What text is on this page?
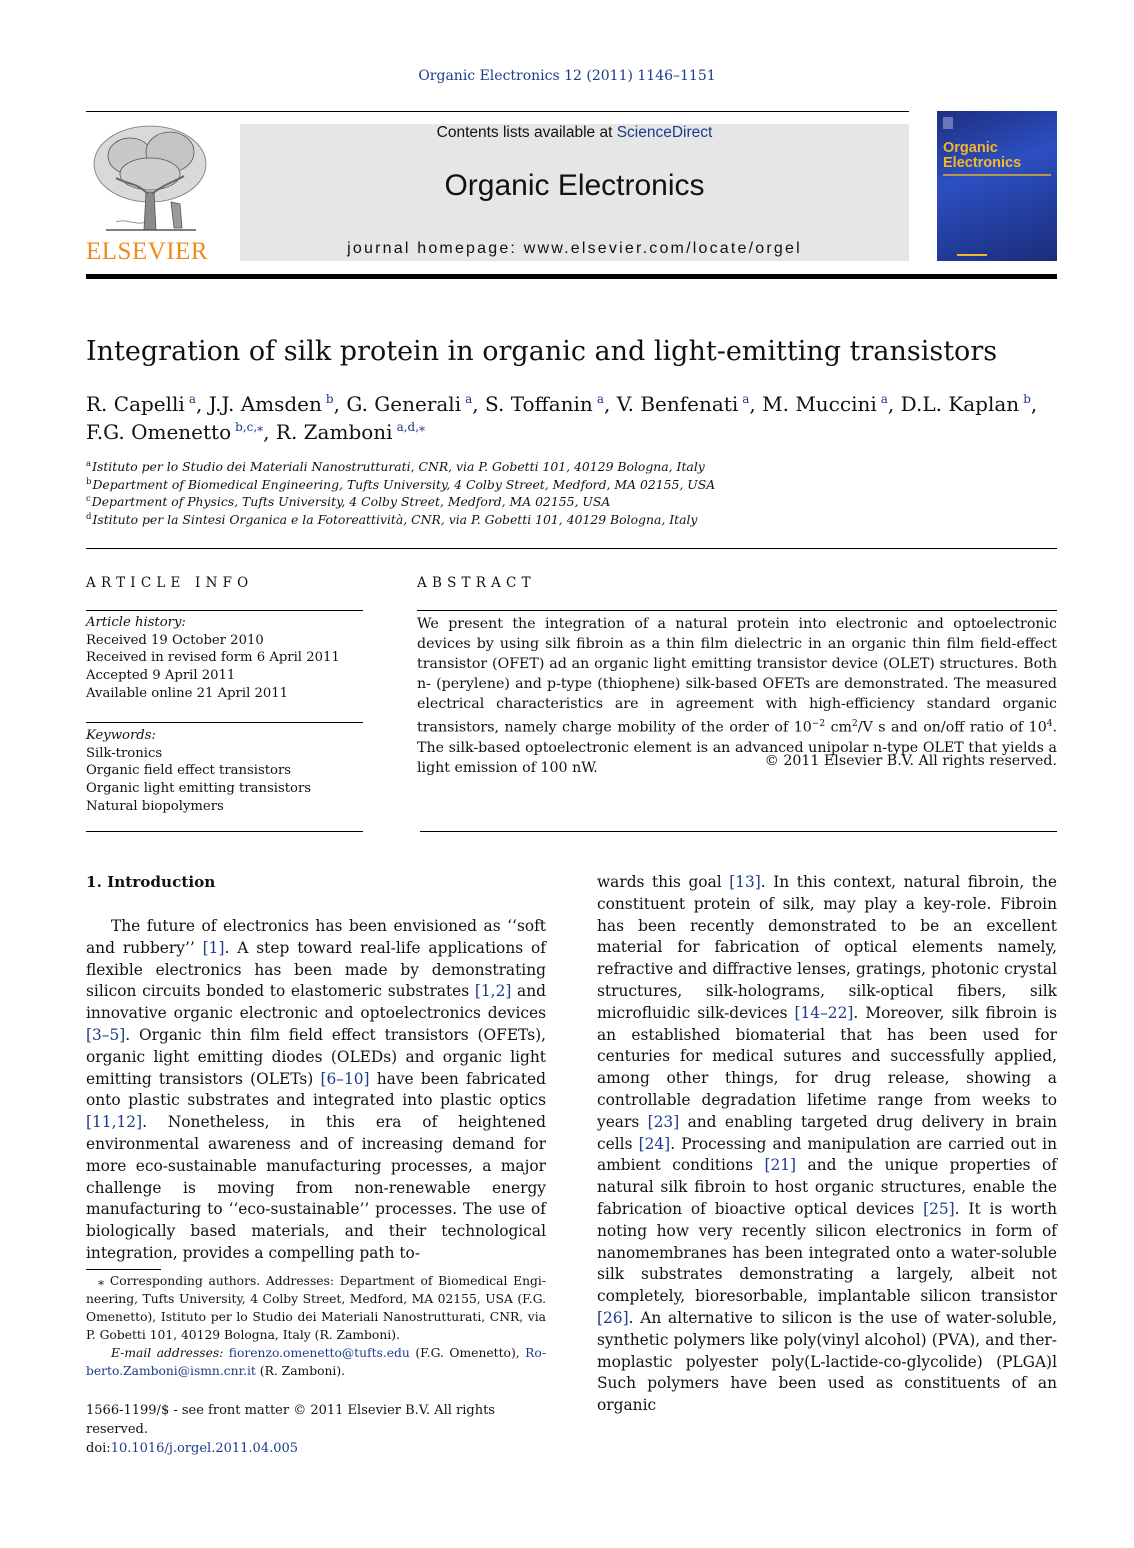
Organic Electronics 12 (2011) 1146–1151
ELSEVIER
Contents lists available at ScienceDirect
Organic Electronics
journal homepage: www.elsevier.com/locate/orgel
Organic
Electronics
Integration of silk protein in organic and light-emitting transistors
R. Capelli  $^a$, J.J. Amsden  $^b$, G. Generali  $^a$, S. Toffanin  $^a$, V. Benfenati  $^a$, M. Muccini  $^a$, D.L. Kaplan  $^b$,
F.G. Omenetto  $^{b,c,⁎}$, R. Zamboni  $^{a,d,⁎}$
$^a$Istituto per lo Studio dei Materiali Nanostrutturati, CNR, via P. Gobetti 101, 40129 Bologna, Italy
$^b$Department of Biomedical Engineering, Tufts University, 4 Colby Street, Medford, MA 02155, USA
$^c$Department of Physics, Tufts University, 4 Colby Street, Medford, MA 02155, USA
$^d$Istituto per la Sintesi Organica e la Fotoreattività, CNR, via P. Gobetti 101, 40129 Bologna, Italy
ARTICLE INFO	ABSTRACT
Article history:
Received 19 October 2010
Received in revised form 6 April 2011
Accepted 9 April 2011
Available online 21 April 2011
Keywords:
Silk-tronics
Organic field effect transistors
Organic light emitting transistors
Natural biopolymers
We present the integration of a natural protein into electronic and optoelectronic devices by using silk fibroin as a thin film dielectric in an organic thin film field-effect transistor (OFET) ad an organic light emitting transistor device (OLET) structures. Both n- (perylene) and p-type (thiophene) silk-based OFETs are demonstrated. The measured electrical characteristics are in agreement with high-efficiency standard organic transistors, namely charge mobility of the order of $10^{-2}$ $cm^2/V$ s and on/off ratio of $10^4$. The silk-based optoelectronic element is an advanced unipolar n-type OLET that yields a light emission of 100 nW.	© 2011 Elsevier B.V. All rights reserved.
1. Introduction
The future of electronics has been envisioned as ‘‘soft and rubbery’’ [1]. A step toward real-life applications of flexible electronics has been made by demonstrating silicon circuits bonded to elastomeric substrates [1,2] and innovative organic electronic and optoelectronics devices [3–5]. Organic thin film field effect transistors (OFETs), organic light emitting diodes (OLEDs) and organic light emitting transistors (OLETs) [6–10] have been fabricated onto plastic substrates and integrated into plastic optics [11,12]. Nonetheless, in this era of heightened environmental awareness and of increasing demand for more eco-sustainable manufacturing processes, a major challenge is moving from non-renewable energy manufacturing to ‘‘eco-sustainable’’ processes. The use of biologically based materials, and their technological integration, provides a compelling path to-
wards this goal [13]. In this context, natural fibroin, the constituent protein of silk, may play a key-role. Fibroin has been recently demonstrated to be an excellent material for fabrication of optical elements namely, refractive and diffractive lenses, gratings, photonic crystal structures, silk-holograms, silk-optical fibers, silk microfluidic silk-devices [14–22]. Moreover, silk fibroin is an established biomaterial that has been used for centuries for medical sutures and successfully applied, among other things, for drug release, showing a controllable degradation lifetime range from weeks to years [23] and enabling targeted drug delivery in brain cells [24]. Processing and manipulation are carried out in ambient conditions [21] and the unique properties of natural silk fibroin to host organic structures, enable the fabrication of bioactive optical devices [25]. It is worth noting how very recently silicon electronics in form of nanomembranes has been integrated onto a water-soluble silk substrates demonstrating a largely, albeit not completely, bioresorbable, implantable silicon transistor [26]. An alternative to silicon is the use of water-soluble, synthetic polymers like poly(vinyl alcohol) (PVA), and thermoplastic polyester poly(L-lactide-co-glycolide) (PLGA)l Such polymers have been used as constituents of an organic
⁎ Corresponding authors. Addresses: Department of Biomedical Engineering, Tufts University, 4 Colby Street, Medford, MA 02155, USA (F.G. Omenetto), Istituto per lo Studio dei Materiali Nanostrutturati, CNR, via P. Gobetti 101, 40129 Bologna, Italy (R. Zamboni).
E-mail addresses: fiorenzo.omenetto@tufts.edu (F.G. Omenetto), Roberto.Zamboni@ismn.cnr.it (R. Zamboni).
1566-1199/$ - see front matter © 2011 Elsevier B.V. All rights reserved.
doi:10.1016/j.orgel.2011.04.005
